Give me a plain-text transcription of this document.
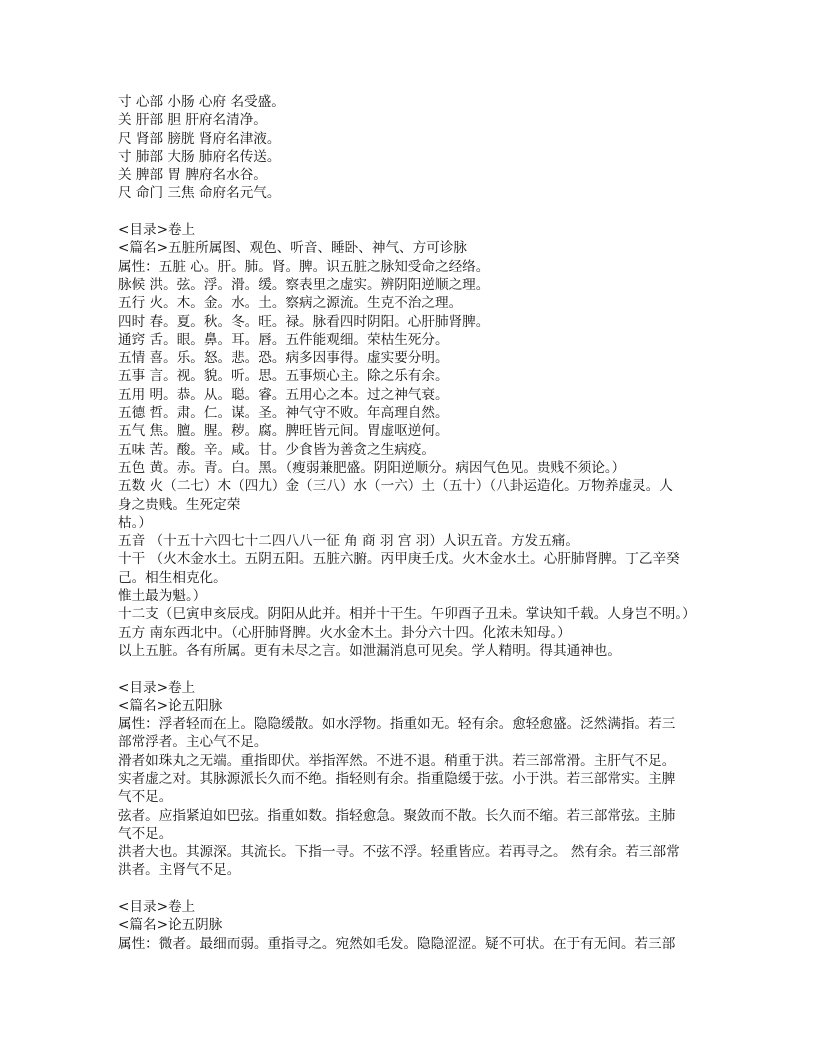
寸 心部 小肠 心府 名受盛。
关 肝部 胆 肝府名清净。
尺 肾部 膀胱 肾府名津液。
寸 肺部 大肠 肺府名传送。
关 脾部 胃 脾府名水谷。
尺 命门 三焦 命府名元气。
<目录>卷上
<篇名>五脏所属图、观色、听音、睡卧、神气、方可诊脉
属性：五脏 心。肝。肺。肾。脾。识五脏之脉知受命之经络。
脉候 洪。弦。浮。滑。缓。察表里之虚实。辨阴阳逆顺之理。
五行 火。木。金。水。土。察病之源流。生克不治之理。
四时 春。夏。秋。冬。旺。禄。脉看四时阴阳。心肝肺肾脾。
通窍 舌。眼。鼻。耳。唇。五件能观细。荣枯生死分。
五情 喜。乐。怒。悲。恐。病多因事得。虚实要分明。
五事 言。视。貌。听。思。五事烦心主。除之乐有余。
五用 明。恭。从。聪。睿。五用心之本。过之神气衰。
五德 哲。肃。仁。谋。圣。神气守不败。年高理自然。
五气 焦。膻。腥。秽。腐。脾旺皆元间。胃虚呕逆何。
五味 苦。酸。辛。咸。甘。少食皆为善贪之生病疫。
五色 黄。赤。青。白。黑。（瘦弱兼肥盛。阴阳逆顺分。病因气色见。贵贱不须论。）
五数 火（二七）木（四九）金（三八）水（一六）土（五十）（八卦运造化。万物养虚灵。人
身之贵贱。生死定荣
枯。）
五音 （十五十六四七十二四八八一征 角 商 羽 宫 羽）人识五音。方发五痛。
十干 （火木金水土。五阴五阳。五脏六腑。丙甲庚壬戊。火木金水土。心肝肺肾脾。丁乙辛癸
己。相生相克化。
惟土最为魁。）
十二支（巳寅申亥辰戌。阴阳从此并。相并十干生。午卯酉子丑未。掌诀知千载。人身岂不明。）
五方 南东西北中。（心肝肺肾脾。火水金木土。卦分六十四。化浓未知母。）
以上五脏。各有所属。更有未尽之言。如泄漏消息可见矣。学人精明。得其通神也。
<目录>卷上
<篇名>论五阳脉
属性：浮者轻而在上。隐隐缓散。如水浮物。指重如无。轻有余。愈轻愈盛。泛然满指。若三
部常浮者。主心气不足。
滑者如珠丸之无端。重指即伏。举指浑然。不进不退。稍重于洪。若三部常滑。主肝气不足。
实者虚之对。其脉源派长久而不绝。指轻则有余。指重隐缓于弦。小于洪。若三部常实。主脾
气不足。
弦者。应指紧迫如巴弦。指重如数。指轻愈急。聚敛而不散。长久而不缩。若三部常弦。主肺
气不足。
洪者大也。其源深。其流长。下指一寻。不弦不浮。轻重皆应。若再寻之。 然有余。若三部常
洪者。主肾气不足。
<目录>卷上
<篇名>论五阴脉
属性：微者。最细而弱。重指寻之。宛然如毛发。隐隐涩涩。疑不可状。在于有无间。若三部
